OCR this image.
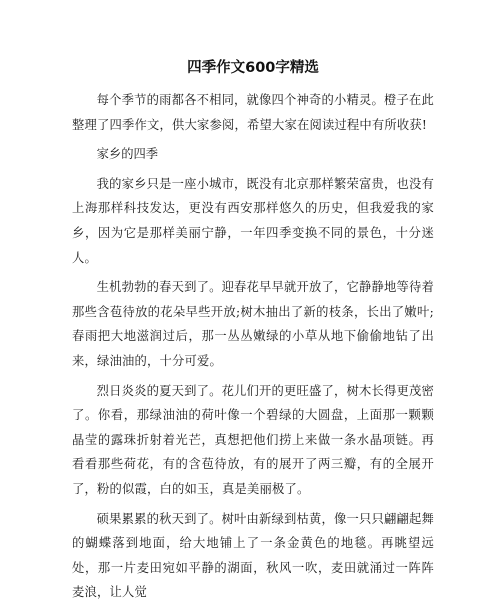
四季作文600字精选

每个季节的雨都各不相同，就像四个神奇的小精灵。橙子在此整理了四季作文，供大家参阅，希望大家在阅读过程中有所收获!

家乡的四季

我的家乡只是一座小城市，既没有北京那样繁荣富贵，也没有上海那样科技发达，更没有西安那样悠久的历史，但我爱我的家乡，因为它是那样美丽宁静，一年四季变换不同的景色，十分迷人。

生机勃勃的春天到了。迎春花早早就开放了，它静静地等待着那些含苞待放的花朵早些开放;树木抽出了新的枝条，长出了嫩叶;春雨把大地滋润过后，那一丛丛嫩绿的小草从地下偷偷地钻了出来，绿油油的，十分可爱。

烈日炎炎的夏天到了。花儿们开的更旺盛了，树木长得更茂密了。你看，那绿油油的荷叶像一个碧绿的大圆盘，上面那一颗颗晶莹的露珠折射着光芒，真想把他们捞上来做一条水晶项链。再看看那些荷花，有的含苞待放，有的展开了两三瓣，有的全展开了，粉的似霞，白的如玉，真是美丽极了。

硕果累累的秋天到了。树叶由新绿到枯黄，像一只只翩翩起舞的蝴蝶落到地面，给大地铺上了一条金黄色的地毯。再眺望远处，那一片麦田宛如平静的湖面，秋风一吹，麦田就涌过一阵阵麦浪，让人觉
